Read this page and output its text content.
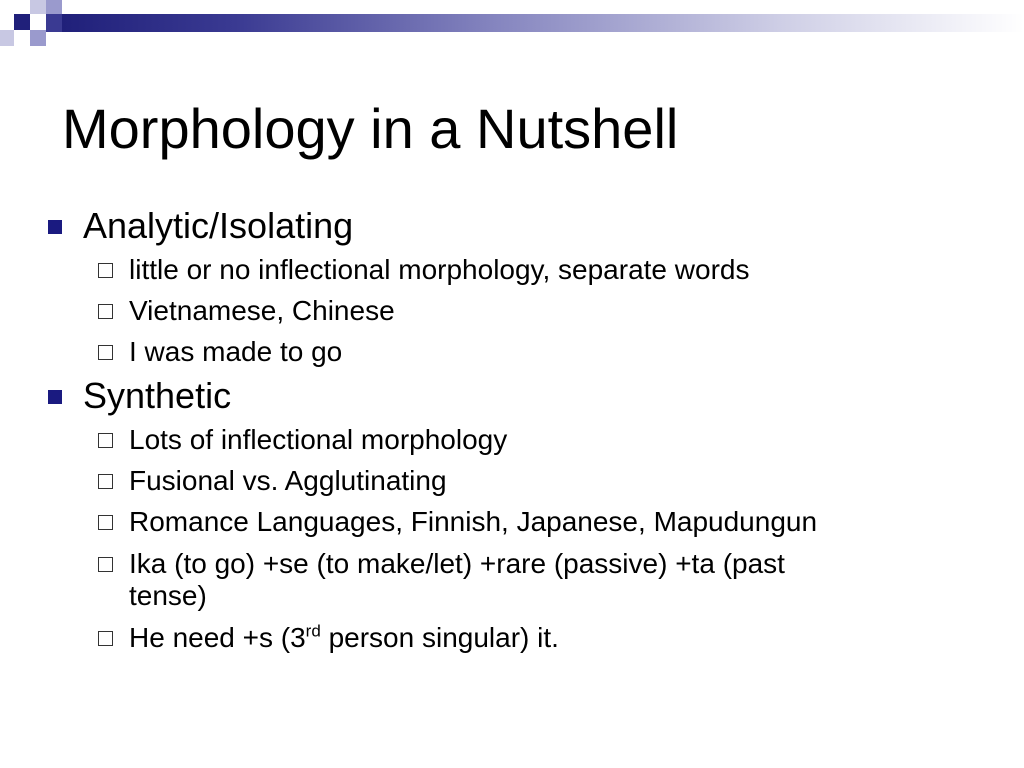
Morphology in a Nutshell
Analytic/Isolating
little or no inflectional morphology, separate words
Vietnamese, Chinese
I was made to go
Synthetic
Lots of inflectional morphology
Fusional vs. Agglutinating
Romance Languages, Finnish, Japanese, Mapudungun
Ika (to go) +se (to make/let) +rare (passive) +ta (past
tense)
He need +s (3rd person singular) it.
